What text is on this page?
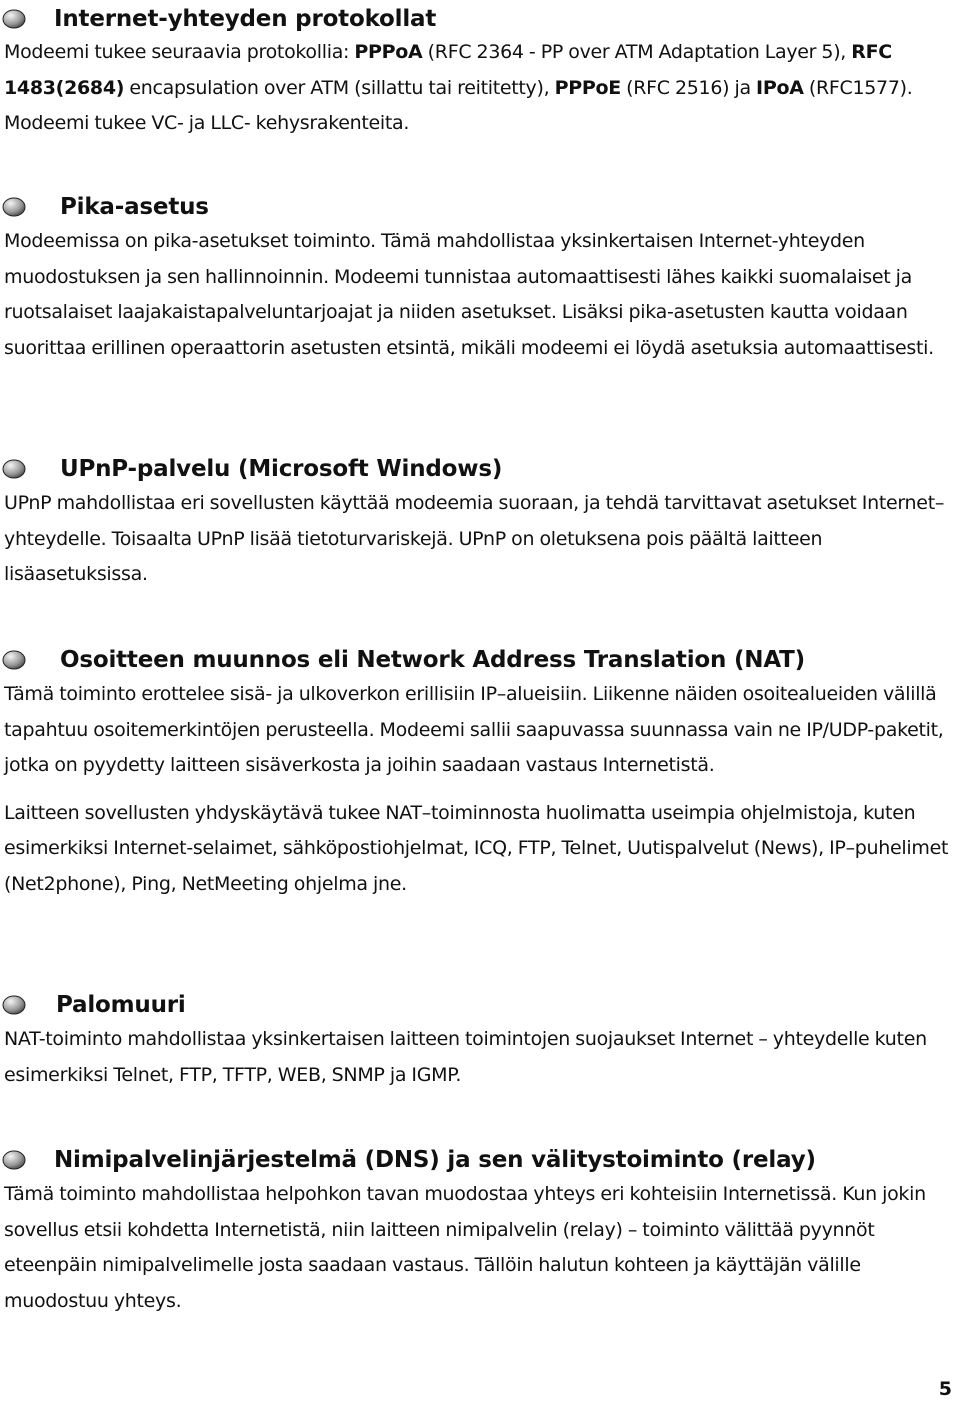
Internet-yhteyden protokollat

Modeemi tukee seuraavia protokollia: PPPoA (RFC 2364 - PP over ATM Adaptation Layer 5), RFC 1483(2684) encapsulation over ATM (sillattu tai reititetty), PPPoE (RFC 2516) ja IPoA (RFC1577). Modeemi tukee VC- ja LLC- kehysrakenteita.

Pika-asetus

Modeemissa on pika-asetukset toiminto. Tämä mahdollistaa yksinkertaisen Internet-yhteyden muodostuksen ja sen hallinnoinnin. Modeemi tunnistaa automaattisesti lähes kaikki suomalaiset ja ruotsalaiset laajakaistapalveluntarjoajat ja niiden asetukset. Lisäksi pika-asetusten kautta voidaan suorittaa erillinen operaattorin asetusten etsintä, mikäli modeemi ei löydä asetuksia automaattisesti.

UPnP-palvelu (Microsoft Windows)

UPnP mahdollistaa eri sovellusten käyttää modeemia suoraan, ja tehdä tarvittavat asetukset Internet–yhteydelle. Toisaalta UPnP lisää tietoturvariskejä. UPnP on oletuksena pois päältä laitteen lisäasetuksissa.

Osoitteen muunnos eli Network Address Translation (NAT)

Tämä toiminto erottelee sisä- ja ulkoverkon erillisiin IP–alueisiin. Liikenne näiden osoitealueiden välillä tapahtuu osoitemerkintöjen perusteella. Modeemi sallii saapuvassa suunnassa vain ne IP/UDP-paketit, jotka on pyydetty laitteen sisäverkosta ja joihin saadaan vastaus Internetistä.

Laitteen sovellusten yhdyskäytävä tukee NAT–toiminnosta huolimatta useimpia ohjelmistoja, kuten esimerkiksi Internet-selaimet, sähköpostiohjelmat, ICQ, FTP, Telnet, Uutispalvelut (News), IP–puhelimet (Net2phone), Ping, NetMeeting ohjelma jne.

Palomuuri

NAT-toiminto mahdollistaa yksinkertaisen laitteen toimintojen suojaukset Internet – yhteydelle kuten esimerkiksi Telnet, FTP, TFTP, WEB, SNMP ja IGMP.

Nimipalvelinjärjestelmä (DNS) ja sen välitystoiminto (relay)

Tämä toiminto mahdollistaa helpohkon tavan muodostaa yhteys eri kohteisiin Internetissä. Kun jokin sovellus etsii kohdetta Internetistä, niin laitteen nimipalvelin (relay) – toiminto välittää pyynnöt eteenpäin nimipalvelimelle josta saadaan vastaus. Tällöin halutun kohteen ja käyttäjän välille muodostuu yhteys.

5
